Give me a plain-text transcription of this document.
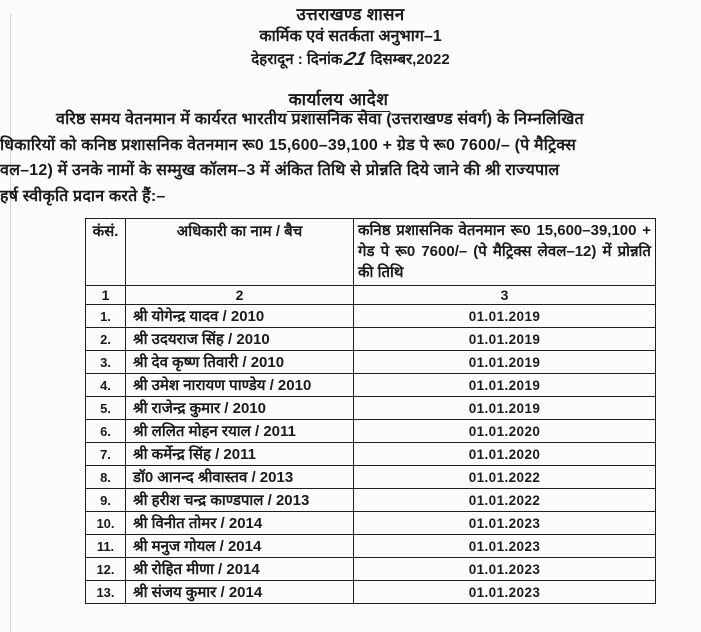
उत्तराखण्ड शासन
कार्मिक एवं सतर्कता अनुभाग–1
देहरादून : दिनांक21 दिसम्बर,2022
कार्यालय आदेश
वरिष्ठ समय वेतनमान में कार्यरत भारतीय प्रशासनिक सेवा (उत्तराखण्ड संवर्ग) के निम्नलिखित
धिकारियों को कनिष्ठ प्रशासनिक वेतनमान रू0 15,600–39,100 + ग्रेड पे रू0 7600/– (पे मैट्रिक्स
वल–12) में उनके नामों के सम्मुख कॉलम–3 में अंकित तिथि से प्रोन्नति दिये जाने की श्री राज्यपाल
हर्ष स्वीकृति प्रदान करते हैं:–
कंसं.	अधिकारी का नाम / बैच	कनिष्ठ प्रशासनिक वेतनमान रू0 15,600–39,100 + गेड पे रू0 7600/– (पे मैट्रिक्स लेवल–12) में प्रोन्नति की तिथि
1	2	3
1.	श्री योगेन्द्र यादव / 2010	01.01.2019
2.	श्री उदयराज सिंह / 2010	01.01.2019
3.	श्री देव कृष्ण तिवारी / 2010	01.01.2019
4.	श्री उमेश नारायण पाण्डेय / 2010	01.01.2019
5.	श्री राजेन्द्र कुमार / 2010	01.01.2019
6.	श्री ललित मोहन रयाल / 2011	01.01.2020
7.	श्री कर्मेन्द्र सिंह / 2011	01.01.2020
8.	डॉ0 आनन्द श्रीवास्तव / 2013	01.01.2022
9.	श्री हरीश चन्द्र काण्डपाल / 2013	01.01.2022
10.	श्री विनीत तोमर / 2014	01.01.2023
11.	श्री मनुज गोयल / 2014	01.01.2023
12.	श्री रोहित मीणा / 2014	01.01.2023
13.	श्री संजय कुमार / 2014	01.01.2023
